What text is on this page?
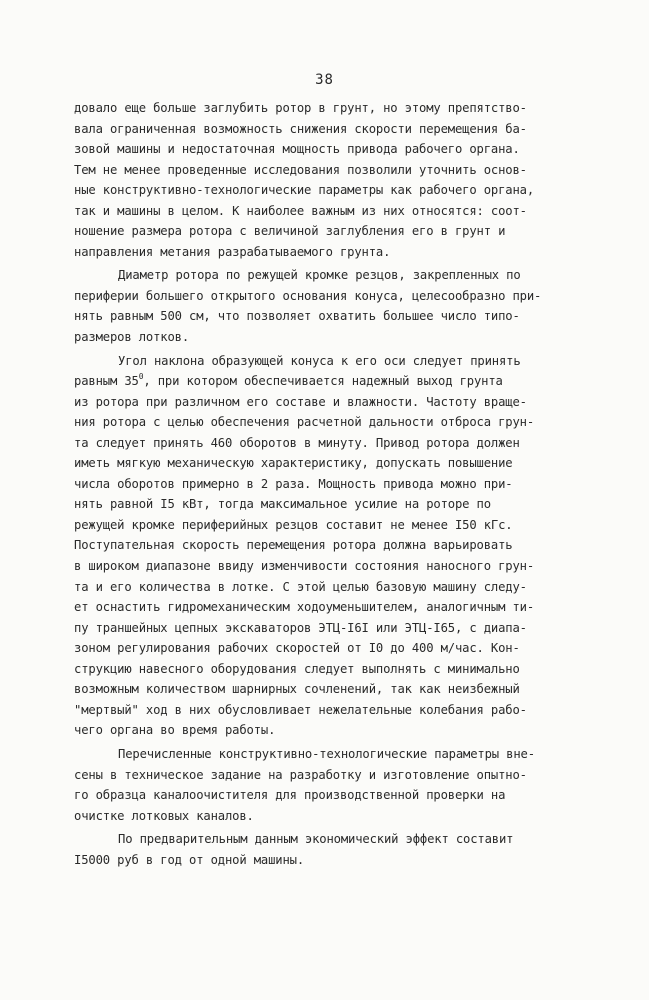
38
довало еще больше заглубить ротор в грунт, но этому препятство-
вала ограниченная возможность снижения скорости перемещения ба-
зовой машины и недостаточная мощность привода рабочего органа.
Тем не менее проведенные исследования позволили уточнить основ-
ные конструктивно-технологические параметры как рабочего органа,
так и машины в целом. К наиболее важным из них относятся: соот-
ношение размера ротора с величиной заглубления его в грунт и
направления метания разрабатываемого грунта.
Диаметр ротора по режущей кромке резцов, закрепленных по
периферии большего открытого основания конуса, целесообразно при-
нять равным 500 см, что позволяет охватить большее число типо-
размеров лотков.
Угол наклона образующей конуса к его оси следует принять
равным $35^0$, при котором обеспечивается надежный выход грунта
из ротора при различном его составе и влажности. Частоту враще-
ния ротора с целью обеспечения расчетной дальности отброса грун-
та следует принять 460 оборотов в минуту. Привод ротора должен
иметь мягкую механическую характеристику, допускать повышение
числа оборотов примерно в 2 раза. Мощность привода можно при-
нять равной I5 кВт, тогда максимальное усилие на роторе по
режущей кромке периферийных резцов составит не менее I50 кГс.
Поступательная скорость перемещения ротора должна варьировать
в широком диапазоне ввиду изменчивости состояния наносного грун-
та и его количества в лотке. С этой целью базовую машину следу-
ет оснастить гидромеханическим ходоуменьшителем, аналогичным ти-
пу траншейных цепных экскаваторов ЭТЦ-I6I или ЭТЦ-I65, с диапа-
зоном регулирования рабочих скоростей от I0 до 400 м/час. Кон-
струкцию навесного оборудования следует выполнять с минимально
возможным количеством шарнирных сочленений, так как неизбежный
"мертвый" ход в них обусловливает нежелательные колебания рабо-
чего органа во время работы.
Перечисленные конструктивно-технологические параметры вне-
сены в техническое задание на разработку и изготовление опытно-
го образца каналоочистителя для производственной проверки на
очистке лотковых каналов.
По предварительным данным экономический эффект составит
I5000 руб в год от одной машины.
